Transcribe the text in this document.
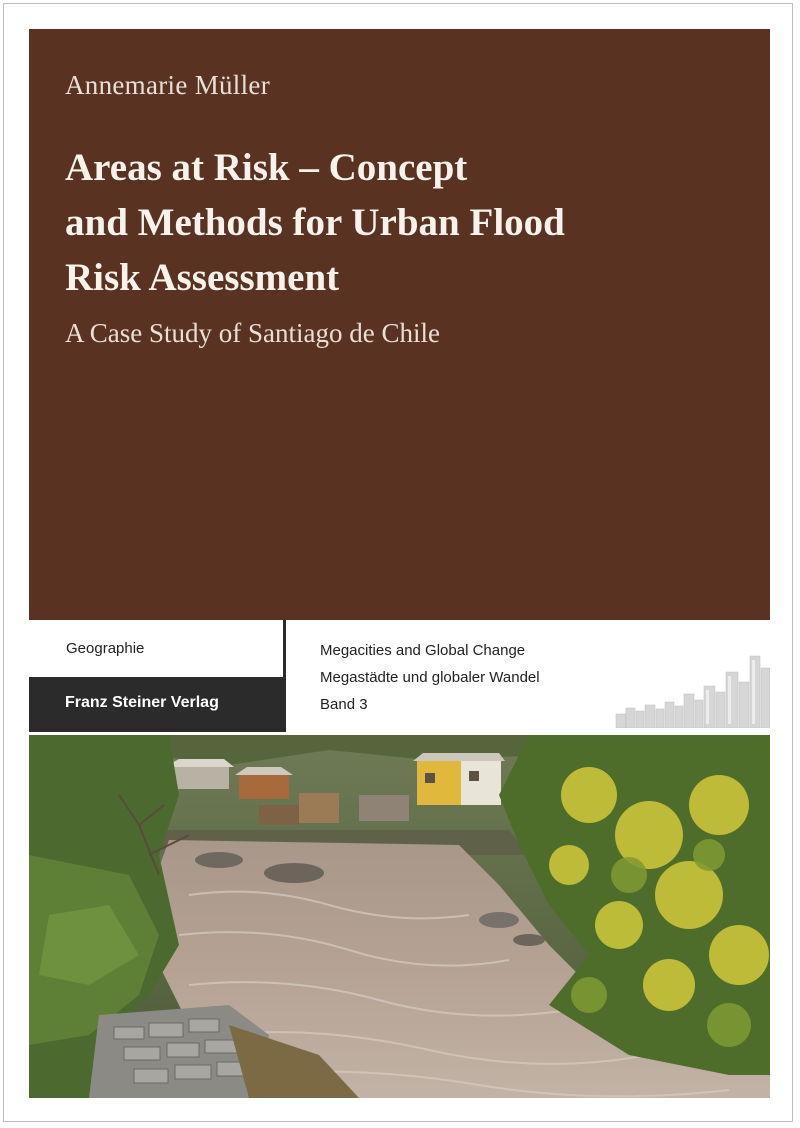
Annemarie Müller
Areas at Risk – Concept
and Methods for Urban Flood
Risk Assessment
A Case Study of Santiago de Chile
Geographie
Franz Steiner Verlag
Megacities and Global Change
Megastädte und globaler Wandel
Band 3
